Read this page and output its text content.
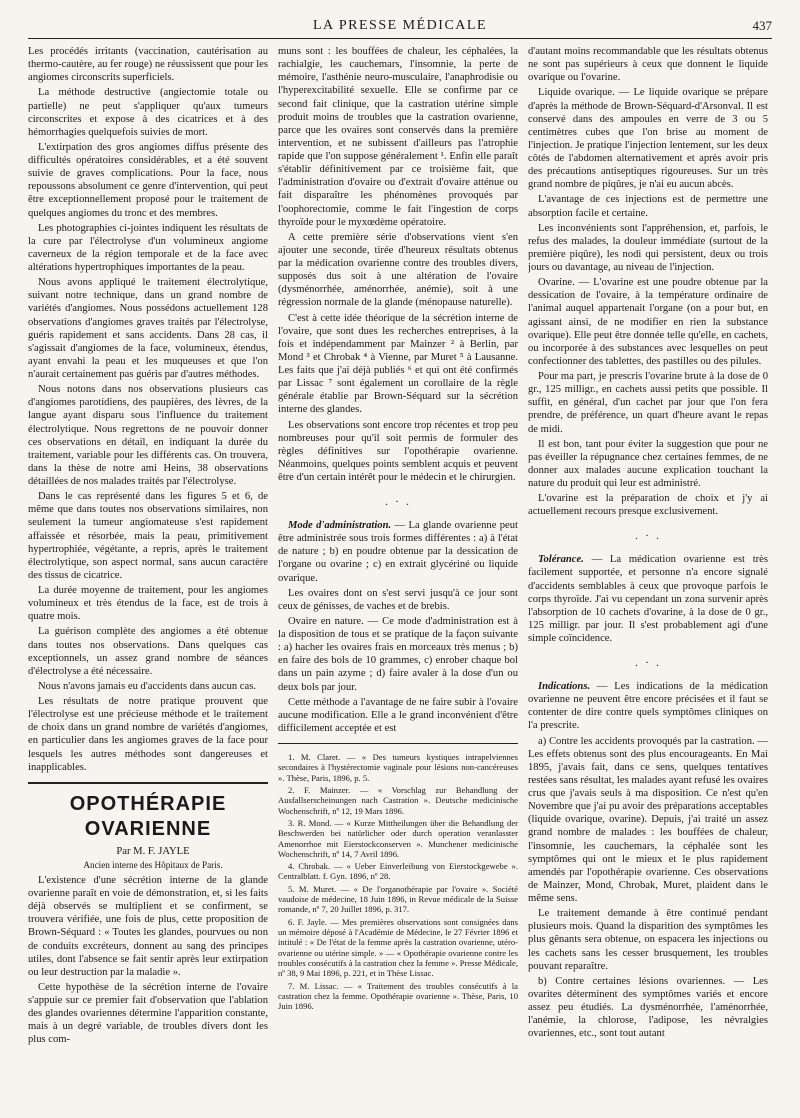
LA PRESSE MÉDICALE	437

Les procédés irritants (vaccination, cautérisation au thermo-cautère, au fer rouge) ne réussissent que pour les angiomes circonscrits superficiels.

La méthode destructive (angiectomie totale ou partielle) ne peut s'appliquer qu'aux tumeurs circonscrites et expose à des cicatrices et à des hémorrhagies quelquefois suivies de mort.

L'extirpation des gros angiomes diffus présente des difficultés opératoires considérables, et a été souvent suivie de graves complications. Pour la face, nous repoussons absolument ce genre d'intervention, qui peut être exceptionnellement proposé pour le traitement de quelques angiomes du tronc et des membres.

Les photographies ci-jointes indiquent les résultats de la cure par l'électrolyse d'un volumineux angiome caverneux de la région temporale et de la face avec altérations hypertrophiques importantes de la peau.

Nous avons appliqué le traitement électrolytique, suivant notre technique, dans un grand nombre de variétés d'angiomes. Nous possédons actuellement 128 observations d'angiomes graves traités par l'électrolyse, guéris rapidement et sans accidents. Dans 28 cas, il s'agissait d'angiomes de la face, volumineux, étendus, ayant envahi la peau et les muqueuses et que l'on n'aurait certainement pas guéris par d'autres méthodes.

Nous notons dans nos observations plusieurs cas d'angiomes parotidiens, des paupières, des lèvres, de la langue ayant disparu sous l'influence du traitement électrolytique. Nous regrettons de ne pouvoir donner ces observations en détail, en indiquant la durée du traitement, variable pour les différents cas. On trouvera, dans la thèse de notre ami Heins, 38 observations détaillées de nos malades traités par l'électrolyse.

Dans le cas représenté dans les figures 5 et 6, de même que dans toutes nos observations similaires, non seulement la tumeur angiomateuse s'est rapidement affaissée et résorbée, mais la peau, primitivement hypertrophiée, végétante, a repris, après le traitement électrolytique, son aspect normal, sans aucun caractère des tissus de cicatrice.

La durée moyenne de traitement, pour les angiomes volumineux et très étendus de la face, est de trois à quatre mois.

La guérison complète des angiomes a été obtenue dans toutes nos observations. Dans quelques cas exceptionnels, un assez grand nombre de séances d'électrolyse a été nécessaire.

Nous n'avons jamais eu d'accidents dans aucun cas.

Les résultats de notre pratique prouvent que l'électrolyse est une précieuse méthode et le traitement de choix dans un grand nombre de variétés d'angiomes, en particulier dans les angiomes graves de la face pour lesquels les autres méthodes sont dangereuses et inapplicables.

OPOTHÉRAPIE OVARIENNE

Par M. F. JAYLE

Ancien interne des Hôpitaux de Paris.

L'existence d'une sécrétion interne de la glande ovarienne paraît en voie de démonstration, et, si les faits déjà observés se multiplient et se confirment, se trouvera vérifiée, une fois de plus, cette proposition de Brown-Séquard : « Toutes les glandes, pourvues ou non de conduits excréteurs, donnent au sang des principes utiles, dont l'absence se fait sentir après leur extirpation ou leur destruction par la maladie ».

Cette hypothèse de la sécrétion interne de l'ovaire s'appuie sur ce premier fait d'observation que l'ablation des glandes ovariennes détermine l'apparition constante, mais à un degré variable, de troubles divers dont les plus com-

muns sont : les bouffées de chaleur, les céphalées, la rachialgie, les cauchemars, l'insomnie, la perte de mémoire, l'asthénie neuro-musculaire, l'anaphrodisie ou l'hyperexcitabilité sexuelle. Elle se confirme par ce second fait clinique, que la castration utérine simple produit moins de troubles que la castration ovarienne, parce que les ovaires sont conservés dans la première intervention, et ne subissent d'ailleurs pas l'atrophie rapide que l'on suppose généralement ¹. Enfin elle paraît s'établir définitivement par ce troisième fait, que l'administration d'ovaire ou d'extrait d'ovaire atténue ou fait disparaître les phénomènes provoqués par l'oophorectomie, comme le fait l'ingestion de corps thyroïde pour le myxœdème opératoire.

A cette première série d'observations vient s'en ajouter une seconde, tirée d'heureux résultats obtenus par la médication ovarienne contre des troubles divers, supposés dus soit à une altération de l'ovaire (dysménorrhée, aménorrhée, anémie), soit à une régression normale de la glande (ménopause naturelle).

C'est à cette idée théorique de la sécrétion interne de l'ovaire, que sont dues les recherches entreprises, à la fois et indépendamment par Mainzer ² à Berlin, par Mond ³ et Chrobak ⁴ à Vienne, par Muret ⁵ à Lausanne. Les faits que j'ai déjà publiés ⁶ et qui ont été confirmés par Lissac ⁷ sont également un corollaire de la règle générale établie par Brown-Séquard sur la sécrétion interne des glandes.

Les observations sont encore trop récentes et trop peu nombreuses pour qu'il soit permis de formuler des règles définitives sur l'opothérapie ovarienne. Néanmoins, quelques points semblent acquis et peuvent être d'un certain intérêt pour le médecin et le chirurgien.

. · .

Mode d'administration. — La glande ovarienne peut être administrée sous trois formes différentes : a) à l'état de nature ; b) en poudre obtenue par la dessication de l'organe ou ovarine ; c) en extrait glycériné ou liquide ovarique.

Les ovaires dont on s'est servi jusqu'à ce jour sont ceux de génisses, de vaches et de brebis.

Ovaire en nature. — Ce mode d'administration est à la disposition de tous et se pratique de la façon suivante : a) hacher les ovaires frais en morceaux très menus ; b) en faire des bols de 10 grammes, c) enrober chaque bol dans un pain azyme ; d) faire avaler à la dose d'un ou deux bols par jour.

Cette méthode a l'avantage de ne faire subir à l'ovaire aucune modification. Elle a le grand inconvénient d'être difficilement acceptée et est

1. M. Claret. — « Des tumeurs kystiques intrapelviennes secondaires à l'hystérectomie vaginale pour lésions non-cancéreuses ». Thèse, Paris, 1896, p. 5.

2. F. Mainzer. — « Vorschlag zur Behandlung der Ausfallserscheinungen nach Castration ». Deutsche medicinische Wochenschrift, nº 12, 19 Mars 1896.

3. R. Mond. — « Kurze Mittheilungen über die Behandlung der Beschwerden bei natürlicher oder durch operation veranlasster Amenorrhoe mit Eierstockconserven ». Munchener medicinische Wochenschrift, nº 14, 7 Avril 1896.

4. Chrobak. — « Ueber Einverleibung von Eierstockgewebe ». Centralblatt. f. Gyn. 1896, nº 28.

5. M. Muret. — « De l'organothérapie par l'ovaire ». Société vaudoise de médecine, 18 Juin 1896, in Revue médicale de la Suisse romande, nº 7, 20 Juillet 1896, p. 317.

6. F. Jayle. — Mes premières observations sont consignées dans un mémoire déposé à l'Académie de Médecine, le 27 Février 1896 et intitulé : « De l'état de la femme après la castration ovarienne, utéro-ovarienne ou utérine simple. » — « Opothérapie ovarienne contre les troubles consécutifs à la castration chez la femme ». Presse Médicale, nº 38, 9 Mai 1896, p. 221, et in Thèse Lissac.

7. M. Lissac. — « Traitement des troubles consécutifs à la castration chez la femme. Opothérapie ovarienne ». Thèse, Paris, 10 Juin 1896.

d'autant moins recommandable que les résultats obtenus ne sont pas supérieurs à ceux que donnent le liquide ovarique ou l'ovarine.

Liquide ovarique. — Le liquide ovarique se prépare d'après la méthode de Brown-Séquard-d'Arsonval. Il est conservé dans des ampoules en verre de 3 ou 5 centimètres cubes que l'on brise au moment de l'injection. Je pratique l'injection lentement, sur les deux côtés de l'abdomen alternativement et après avoir pris des précautions antiseptiques rigoureuses. Sur un très grand nombre de piqûres, je n'ai eu aucun abcès.

L'avantage de ces injections est de permettre une absorption facile et certaine.

Les inconvénients sont l'appréhension, et, parfois, le refus des malades, la douleur immédiate (surtout de la première piqûre), les nodi qui persistent, deux ou trois jours ou davantage, au niveau de l'injection.

Ovarine. — L'ovarine est une poudre obtenue par la dessication de l'ovaire, à la température ordinaire de l'animal auquel appartenait l'organe (on a pour but, en agissant ainsi, de ne modifier en rien la substance ovarique). Elle peut être donnée telle qu'elle, en cachets, ou incorporée à des substances avec lesquelles on peut confectionner des tablettes, des pastilles ou des pilules.

Pour ma part, je prescris l'ovarine brute à la dose de 0 gr., 125 milligr., en cachets aussi petits que possible. Il suffit, en général, d'un cachet par jour que l'on fera prendre, de préférence, un quart d'heure avant le repas de midi.

Il est bon, tant pour éviter la suggestion que pour ne pas éveiller la répugnance chez certaines femmes, de ne donner aux malades aucune explication touchant la nature du produit qui leur est administré.

L'ovarine est la préparation de choix et j'y ai actuellement recours presque exclusivement.

. · .

Tolérance. — La médication ovarienne est très facilement supportée, et personne n'a encore signalé d'accidents semblables à ceux que provoque parfois le corps thyroïde. J'ai vu cependant un zona survenir après l'absorption de 10 cachets d'ovarine, à la dose de 0 gr., 125 milligr. par jour. Il s'est probablement agi d'une simple coïncidence.

. · .

Indications. — Les indications de la médication ovarienne ne peuvent être encore précisées et il faut se contenter de dire contre quels symptômes cliniques on l'a prescrite.

a) Contre les accidents provoqués par la castration. — Les effets obtenus sont des plus encourageants. En Mai 1895, j'avais fait, dans ce sens, quelques tentatives restées sans résultat, les malades ayant refusé les ovaires crus que j'avais seuls à ma disposition. Ce n'est qu'en Novembre que j'ai pu avoir des préparations acceptables (liquide ovarique, ovarine). Depuis, j'ai traité un assez grand nombre de malades : les bouffées de chaleur, l'insomnie, les cauchemars, la céphalée sont les symptômes qui ont le mieux et le plus rapidement amendés par l'opothérapie ovarienne. Ces observations de Mainzer, Mond, Chrobak, Muret, plaident dans le même sens.

Le traitement demande à être continué pendant plusieurs mois. Quand la disparition des symptômes les plus gênants sera obtenue, on espacera les injections ou les cachets sans les cesser brusquement, les troubles pouvant reparaître.

b) Contre certaines lésions ovariennes. — Les ovarites déterminent des symptômes variés et encore assez peu étudiés. La dysménorrhée, l'aménorrhée, l'anémie, la chlorose, l'adipose, les névralgies ovariennes, etc., sont tout autant
